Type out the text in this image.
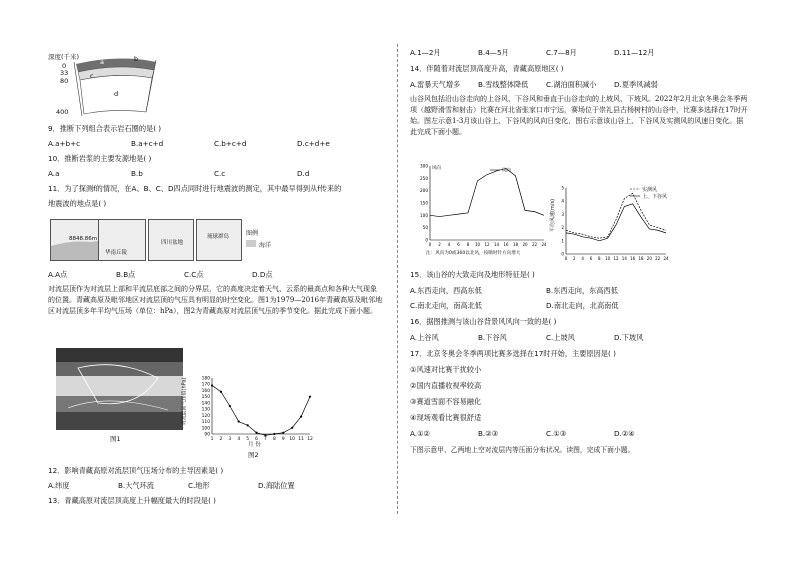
深度(千米)
0
33
80
400
a	b
c
d
9．推断下列组合表示岩石圈的是( )
A.a+b+c	B.a+c+d	C.b+c+d	D.c+d+e
10．推断岩浆的主要发源地是( )
A.a	B.b	C.c	D.d
11．为了探测f的情况，在A、B、C、D四点同时进行地震波的测定，其中最早得到从f传来的
地震波的地点是( )
8848.86m
华南丘陵
四川盆地
琉球群岛	图例
海洋
A.A点	B.B点	C.C点	D.D点
对流层顶作为对流层上部和平流层底部之间的分界层，它的高度决定着天气、云系的最高点和各种大气现象的位置。青藏高原及毗邻地区对流层顶的气压具有明显的时空变化。图1为1979—2016年青藏高原及毗邻地区对流层顶多年平均气压场（单位：hPa），图2为青藏高原对流层顶气压的季节变化。据此完成下面小题。
图1	90
100
110
120
130
140
150
160
170
180
1 2 3 4 5 6 7 8 9 10 11 12
对流层顶气压值(hPa)
月 份
图2
12．影响青藏高原对流层顶气压场分布的主导因素是( )
A.纬度	B.大气环流	C.地形	D.海陆位置
13．青藏高原对流层顶高度上升幅度最大的时段是( )
A.1—2月	B.4—5月	C.7—8月	D.11—12月
14．伴随着对流层顶高度升高，青藏高原地区( )
A.雷暴天气增多 B.雪线整体降低 C.湖泊面积减小 D.夏季风减弱
山谷风包括沿山谷走向的上谷风、下谷风和垂直于山谷走向的上坡风、下坡风。2022年2月北京冬奥会冬季两项（越野滑雪和射击）比赛在河北省张家口市宁远，赛场位于崇礼县古杨树村的山谷中，比赛多选择在17时开始。图左示意1-3月该山谷上、下谷风的风向日变化，图右示意该山谷上、下谷风及实测风的风速日变化。据此完成下面小题。
风向
0
50
100
150
200
250
300
0 2 4 6 8 10 12 14 16 18 20 22 24
风向
注：风向为0或360以北风，按顺时针方向增大	0
1
2
3
4
5
0 2 4 6 8 10 12 14 16 18 20 22 24
平均风速(m/s)
实测风
上、下谷风
15．该山谷的大致走向及地形特征是( )
A.东西走向，西高东低	B.东西走向，东高西低
C.南北走向，南高北低	D.南北走向，北高南低
16．据图推测与该山谷背景风风向一致的是( )
A.上谷风	B.下谷风	C.上坡风	D.下坡风
17．北京冬奥会冬季两项比赛多选择在17时开始，主要原因是( )
①风速对比赛干扰较小
②国内直播收视率较高
③赛道雪面不容易融化
④现场观看比赛很舒适
A.①②	B.②③	C.①③	D.②④
下图示意甲、乙两地上空对流层内等压面分布状况。读图，完成下面小题。
